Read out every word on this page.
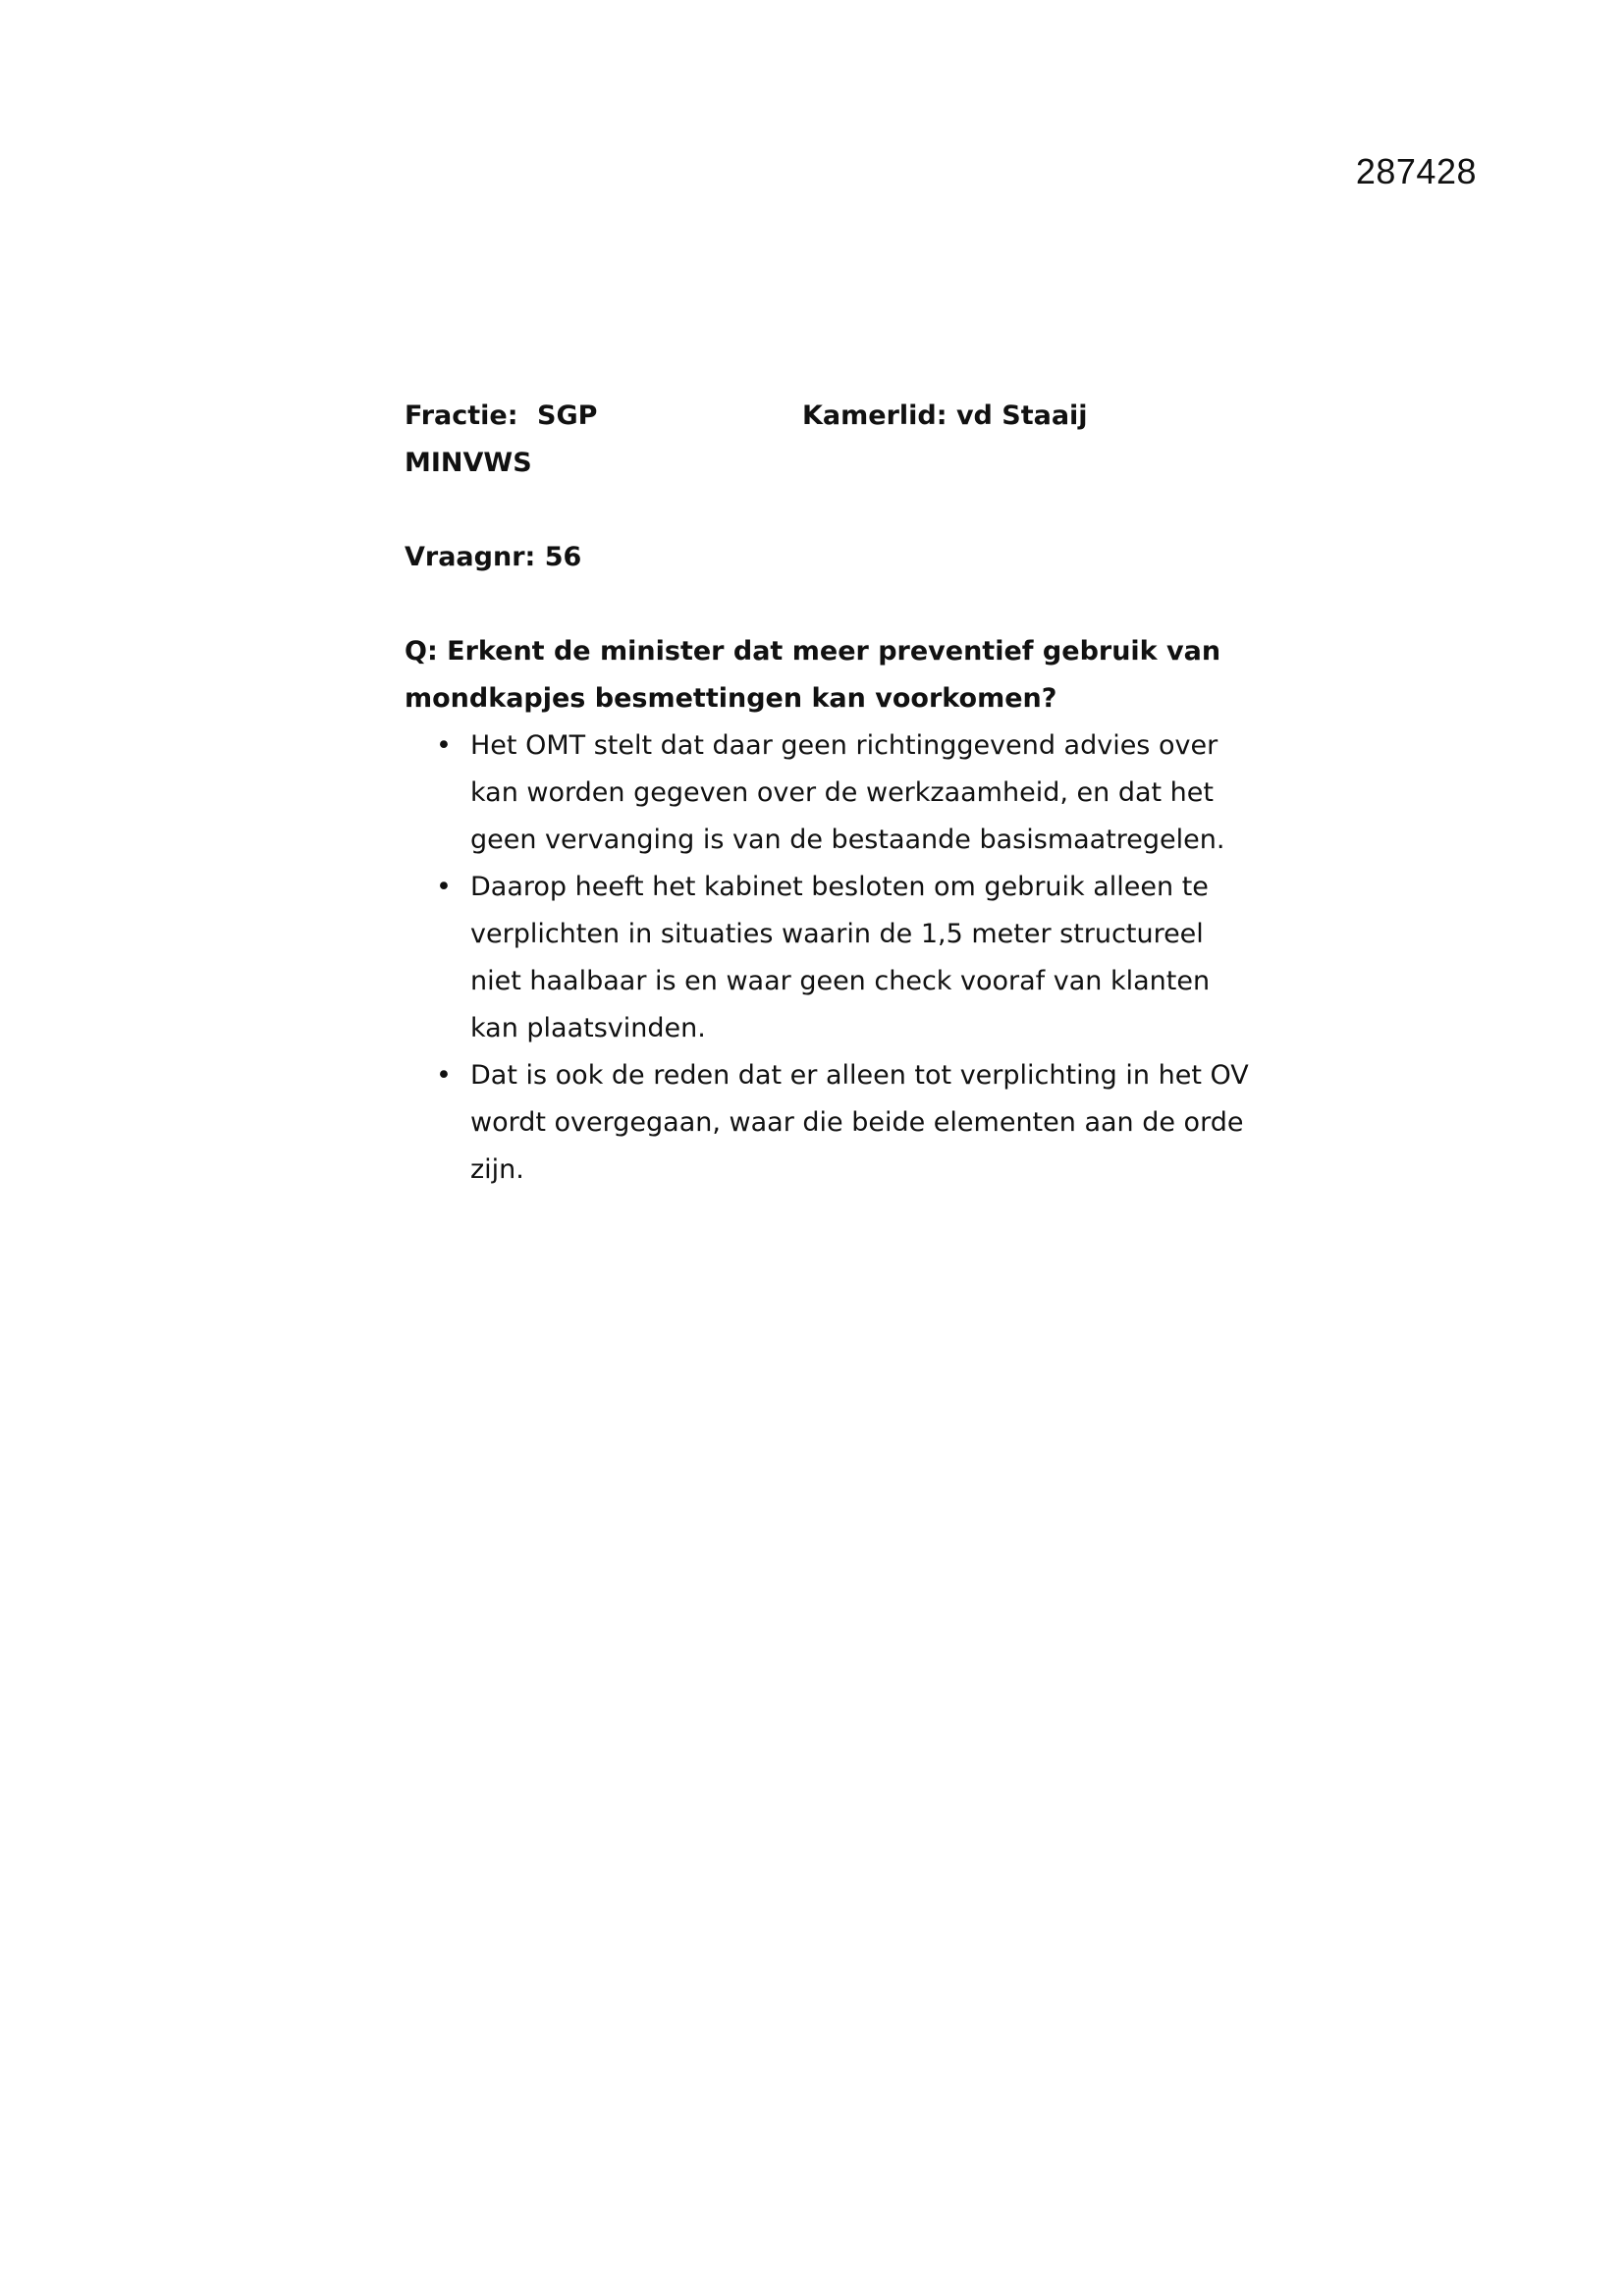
287428
Fractie: SGP	Kamerlid: vd Staaij
MINVWS
Vraagnr: 56
Q: Erkent de minister dat meer preventief gebruik van mondkapjes besmettingen kan voorkomen?
• Het OMT stelt dat daar geen richtinggevend advies over kan worden gegeven over de werkzaamheid, en dat het geen vervanging is van de bestaande basismaatregelen.
• Daarop heeft het kabinet besloten om gebruik alleen te verplichten in situaties waarin de 1,5 meter structureel niet haalbaar is en waar geen check vooraf van klanten kan plaatsvinden.
• Dat is ook de reden dat er alleen tot verplichting in het OV wordt overgegaan, waar die beide elementen aan de orde zijn.
